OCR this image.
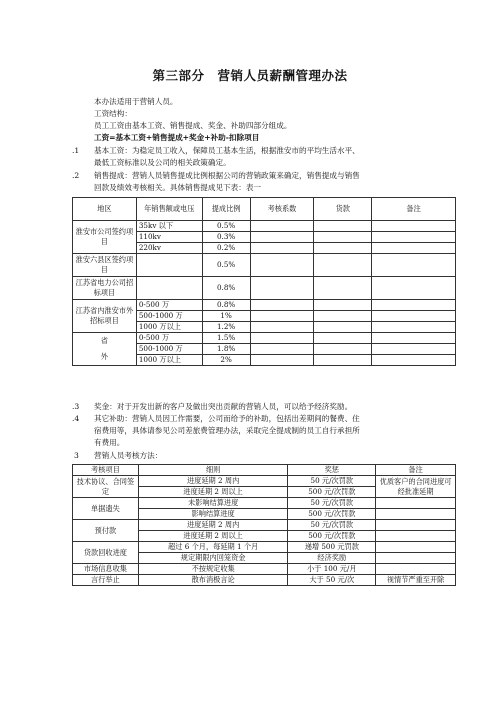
第三部分　营销人员薪酬管理办法
本办法适用于营销人员。
工资结构：
员工工资由基本工资、销售提成、奖金、补助四部分组成。
工资=基本工资+销售提成+奖金+补助-扣除项目
.1 基本工资：为稳定员工收入，保障员工基本生活，根据淮安市的平均生活水平、
最低工资标准以及公司的相关政策确定。
.2 销售提成：营销人员销售提成比例根据公司的营销政策来确定，销售提成与销售
回款及绩效考核相关。具体销售提成见下表：表一
地区	年销售额或电压	提成比例	考核系数	货款	备注
淮安市公司签约项目	35kv 以下	0.5%			
	110kv	0.3%			
	220kv	0.2%			
淮安六县区签约项目		0.5%			
江苏省电力公司招标项目		0.8%			
江苏省内淮安市外招标项目	0-500 万	0.8%			
	500-1000 万	1%			
	1000 万以上	1.2%			

省
外	0-500 万	1.5%			
	500-1000 万	1.8%			
	1000 万以上	2%			
.3 奖金：对于开发出新的客户及做出突出贡献的营销人员，可以给予经济奖励。
.4 其它补助：营销人员因工作需要，公司而给予的补助，包括出差期间的餐费、住
宿费用等，具体请参见公司差旅费管理办法，采取完全提成制的员工自行承担所
有费用。
3 营销人员考核方法：
考核项目	细则	奖惩	备注
技术协议、合同签定	进度延期 2 周内	50 元/次罚款	优质客户的合同进度可经批准延期
	进度延期 2 周以上	500 元/次罚款	
单据遗失	未影响结算进度	50 元/次罚款	
	影响结算进度	500 元/次罚款	
预付款	进度延期 2 周内	50 元/次罚款	
	进度延期 2 周以上	500 元/次罚款	
货款回收进度	超过 6 个月，每延期 1 个月	递增 500 元罚款	
	规定期限内回笼资金	经济奖励	
市场信息收集	不按规定收集	小于 100 元/月	
言行举止	散布消极言论	大于 50 元/次	视情节严重至开除
